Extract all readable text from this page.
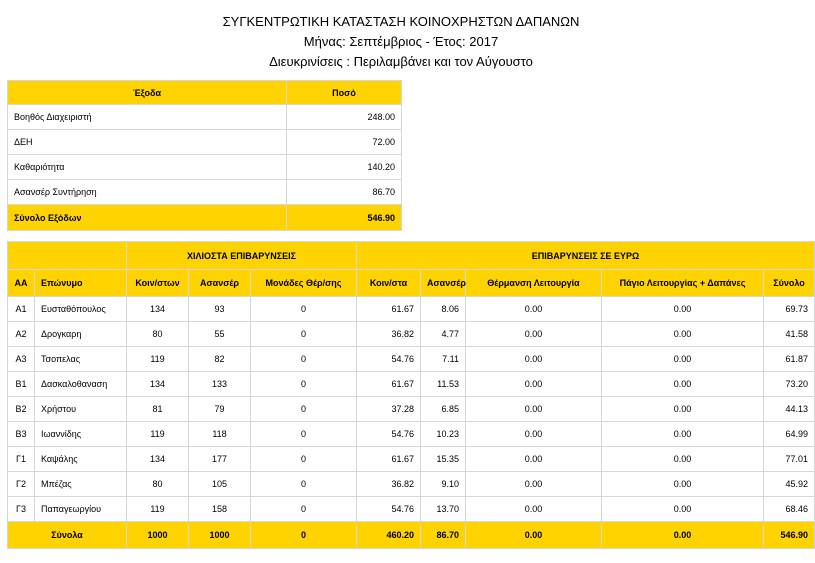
ΣΥΓΚΕΝΤΡΩΤΙΚΗ ΚΑΤΑΣΤΑΣΗ ΚΟΙΝΟΧΡΗΣΤΩΝ ΔΑΠΑΝΩΝ
Μήνας: Σεπτέμβριος - Έτος: 2017
Διευκρινίσεις : Περιλαμβάνει και τον Αύγουστο
Έξοδα	Ποσό
Βοηθός Διαχειριστή	248.00
ΔΕΗ	72.00
Καθαριότητα	140.20
Ασανσέρ Συντήρηση	86.70
Σύνολο Εξόδων	546.90
		ΧΙΛΙΟΣΤΑ ΕΠΙΒΑΡΥΝΣΕΙΣ			ΕΠΙΒΑΡΥΝΣΕΙΣ ΣΕ ΕΥΡΩ				
ΑΑ	Επώνυμο	Κοιν/στων	Ασανσέρ	Μονάδες Θέρ/σης	Κοιν/στα	Ασανσέρ	Θέρμανση Λειτουργία	Πάγιο Λειτουργίας + Δαπάνες	Σύνολο
Α1	Ευσταθόπουλος	134	93	0	61.67	8.06	0.00	0.00	69.73
Α2	Δρογκαρη	80	55	0	36.82	4.77	0.00	0.00	41.58
Α3	Τσοπελας	119	82	0	54.76	7.11	0.00	0.00	61.87
Β1	Δασκαλοθαναση	134	133	0	61.67	11.53	0.00	0.00	73.20
Β2	Χρήστου	81	79	0	37.28	6.85	0.00	0.00	44.13
Β3	Ιωαννίδης	119	118	0	54.76	10.23	0.00	0.00	64.99
Γ1	Καψάλης	134	177	0	61.67	15.35	0.00	0.00	77.01
Γ2	Μπέζας	80	105	0	36.82	9.10	0.00	0.00	45.92
Γ3	Παπαγεωργίου	119	158	0	54.76	13.70	0.00	0.00	68.46
Σύνολα		1000	1000	0	460.20	86.70	0.00	0.00	546.90
